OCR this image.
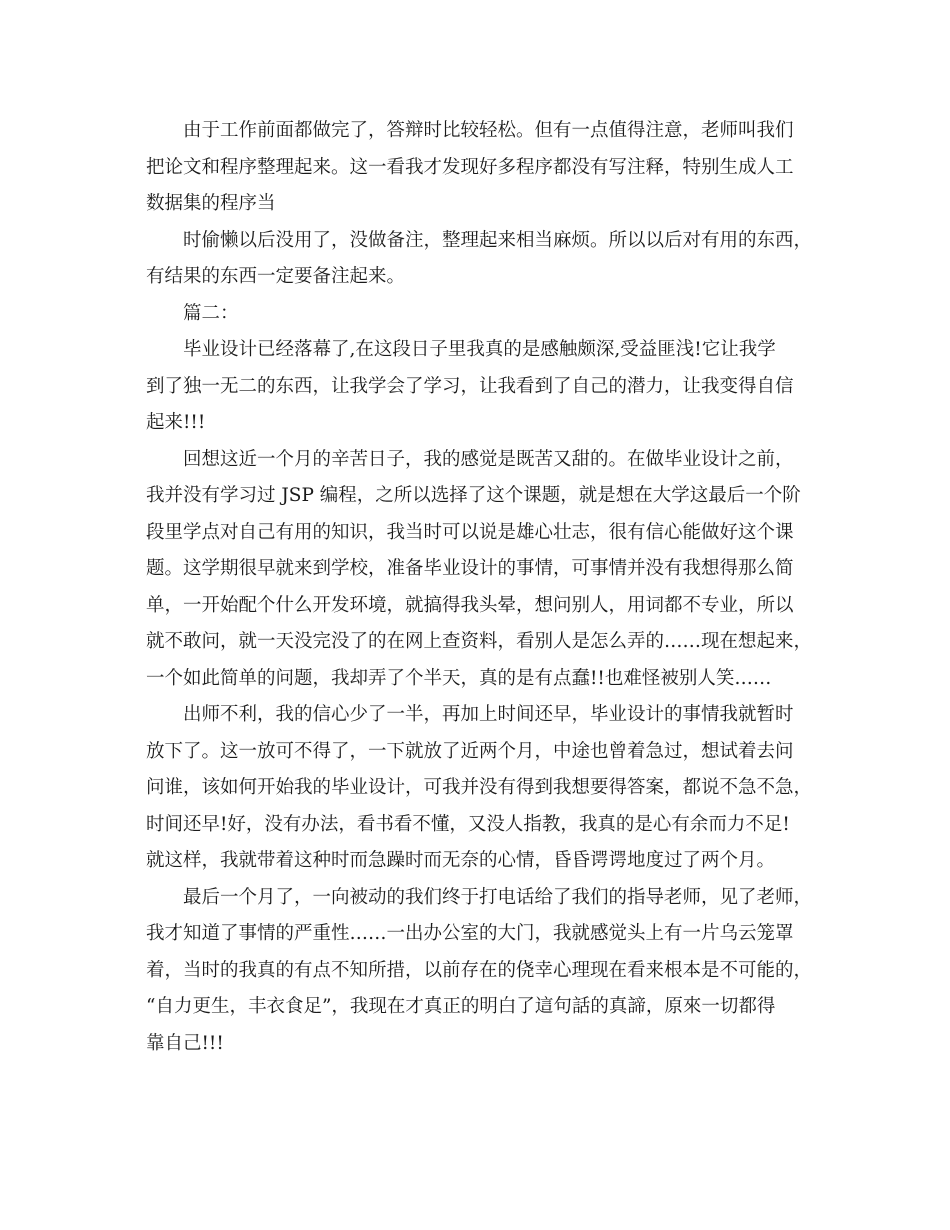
由于工作前面都做完了，答辩时比较轻松。但有一点值得注意，老师叫我们
把论文和程序整理起来。这一看我才发现好多程序都没有写注释，特别生成人工
数据集的程序当
时偷懒以后没用了，没做备注，整理起来相当麻烦。所以以后对有用的东西，
有结果的东西一定要备注起来。
篇二：
毕业设计已经落幕了,在这段日子里我真的是感触颇深,受益匪浅!它让我学
到了独一无二的东西，让我学会了学习，让我看到了自己的潜力，让我变得自信
起来!!!
回想这近一个月的辛苦日子，我的感觉是既苦又甜的。在做毕业设计之前，
我并没有学习过 JSP 编程，之所以选择了这个课题，就是想在大学这最后一个阶
段里学点对自己有用的知识，我当时可以说是雄心壮志，很有信心能做好这个课
题。这学期很早就来到学校，准备毕业设计的事情，可事情并没有我想得那么简
单，一开始配个什么开发环境，就搞得我头晕，想问别人，用词都不专业，所以
就不敢问，就一天没完没了的在网上查资料，看别人是怎么弄的……现在想起来，
一个如此简单的问题，我却弄了个半天，真的是有点蠢!!也难怪被别人笑……
出师不利，我的信心少了一半，再加上时间还早，毕业设计的事情我就暂时
放下了。这一放可不得了，一下就放了近两个月，中途也曾着急过，想试着去问
问谁，该如何开始我的毕业设计，可我并没有得到我想要得答案，都说不急不急，
时间还早!好，没有办法，看书看不懂，又没人指教，我真的是心有余而力不足!
就这样，我就带着这种时而急躁时而无奈的心情，昏昏谔谔地度过了两个月。
最后一个月了，一向被动的我们终于打电话给了我们的指导老师，见了老师，
我才知道了事情的严重性……一出办公室的大门，我就感觉头上有一片乌云笼罩
着，当时的我真的有点不知所措，以前存在的侥幸心理现在看来根本是不可能的，
“自力更生，丰衣食足”，我现在才真正的明白了這句話的真諦，原來一切都得
靠自己!!!
